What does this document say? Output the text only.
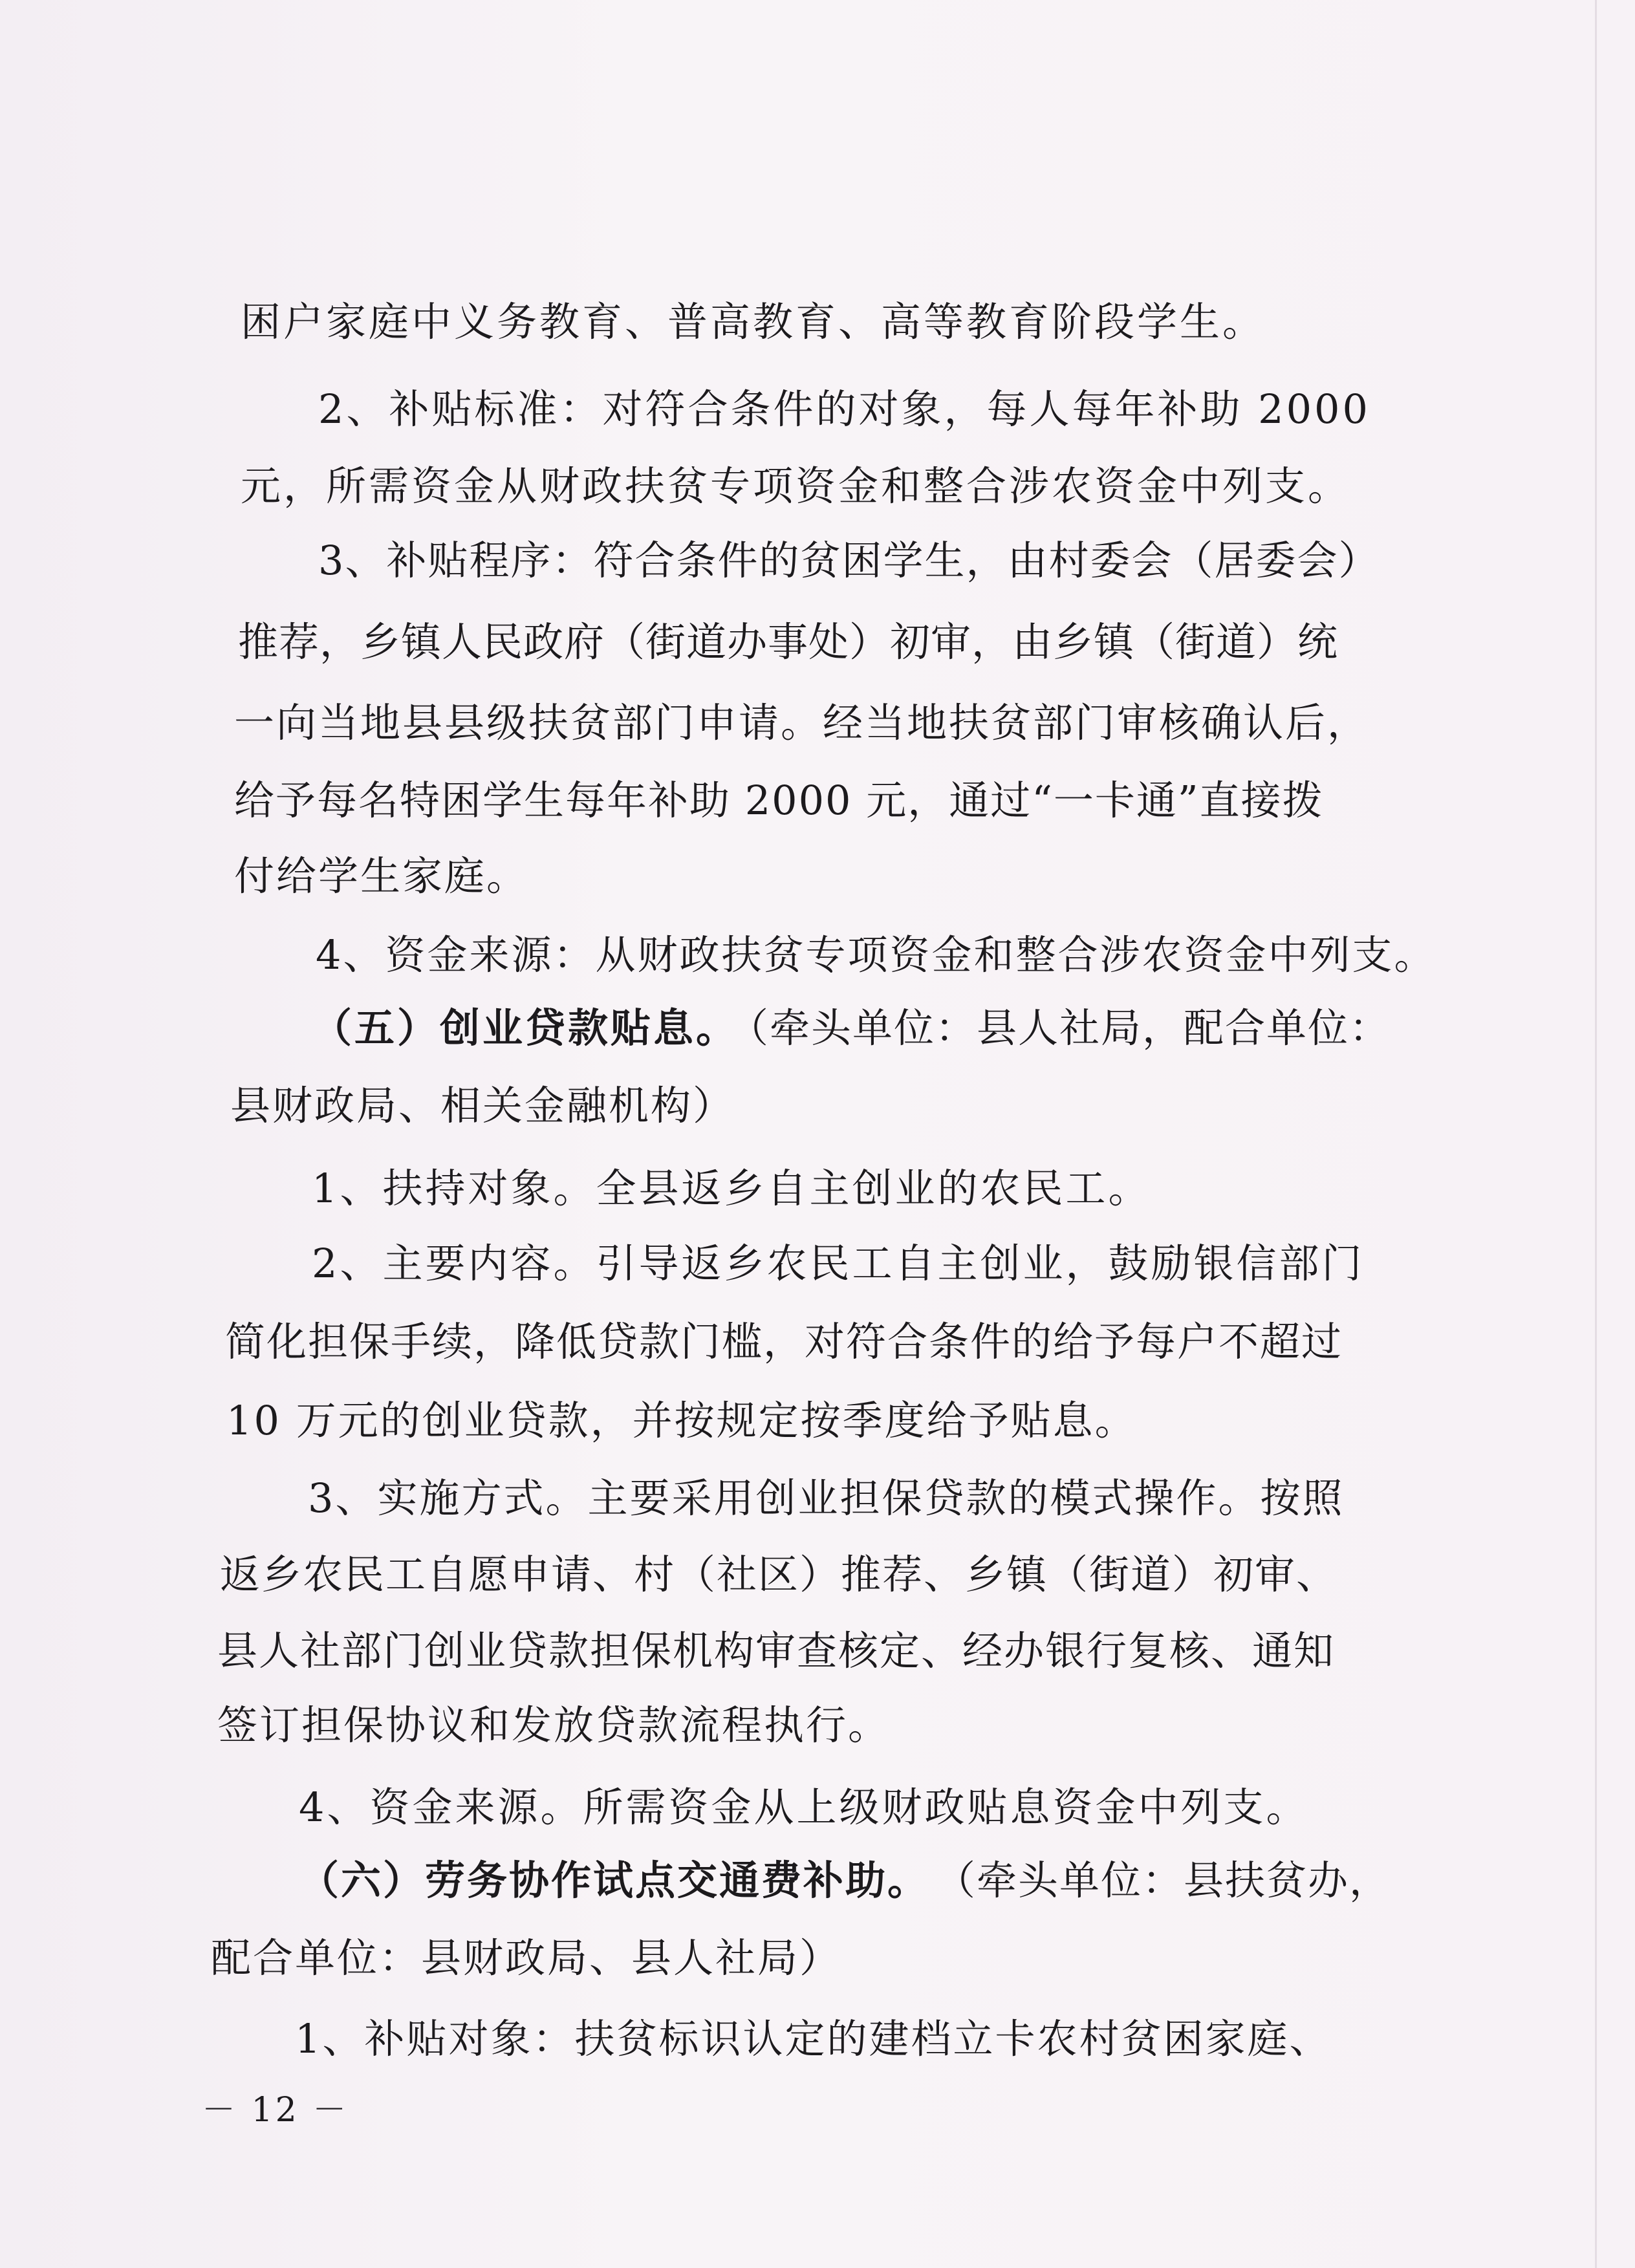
困户家庭中义务教育、普高教育、高等教育阶段学生。
2、补贴标准：对符合条件的对象，每人每年补助 2000
元，所需资金从财政扶贫专项资金和整合涉农资金中列支。
3、补贴程序：符合条件的贫困学生，由村委会（居委会）
推荐，乡镇人民政府（街道办事处）初审，由乡镇（街道）统
一向当地县县级扶贫部门申请。经当地扶贫部门审核确认后，
给予每名特困学生每年补助 2000 元，通过“一卡通”直接拨
付给学生家庭。
4、资金来源：从财政扶贫专项资金和整合涉农资金中列支。
（五）创业贷款贴息。
（牵头单位：县人社局，配合单位：
县财政局、相关金融机构）
1、扶持对象。全县返乡自主创业的农民工。
2、主要内容。引导返乡农民工自主创业，鼓励银信部门
简化担保手续，降低贷款门槛，对符合条件的给予每户不超过
10 万元的创业贷款，并按规定按季度给予贴息。
3、实施方式。主要采用创业担保贷款的模式操作。按照
返乡农民工自愿申请、村（社区）推荐、乡镇（街道）初审、
县人社部门创业贷款担保机构审查核定、经办银行复核、通知
签订担保协议和发放贷款流程执行。
4、资金来源。所需资金从上级财政贴息资金中列支。
（六）劳务协作试点交通费补助。 （牵头单位：县扶贫办，
配合单位：县财政局、县人社局）
1、补贴对象：扶贫标识认定的建档立卡农村贫困家庭、
－ 12 －
